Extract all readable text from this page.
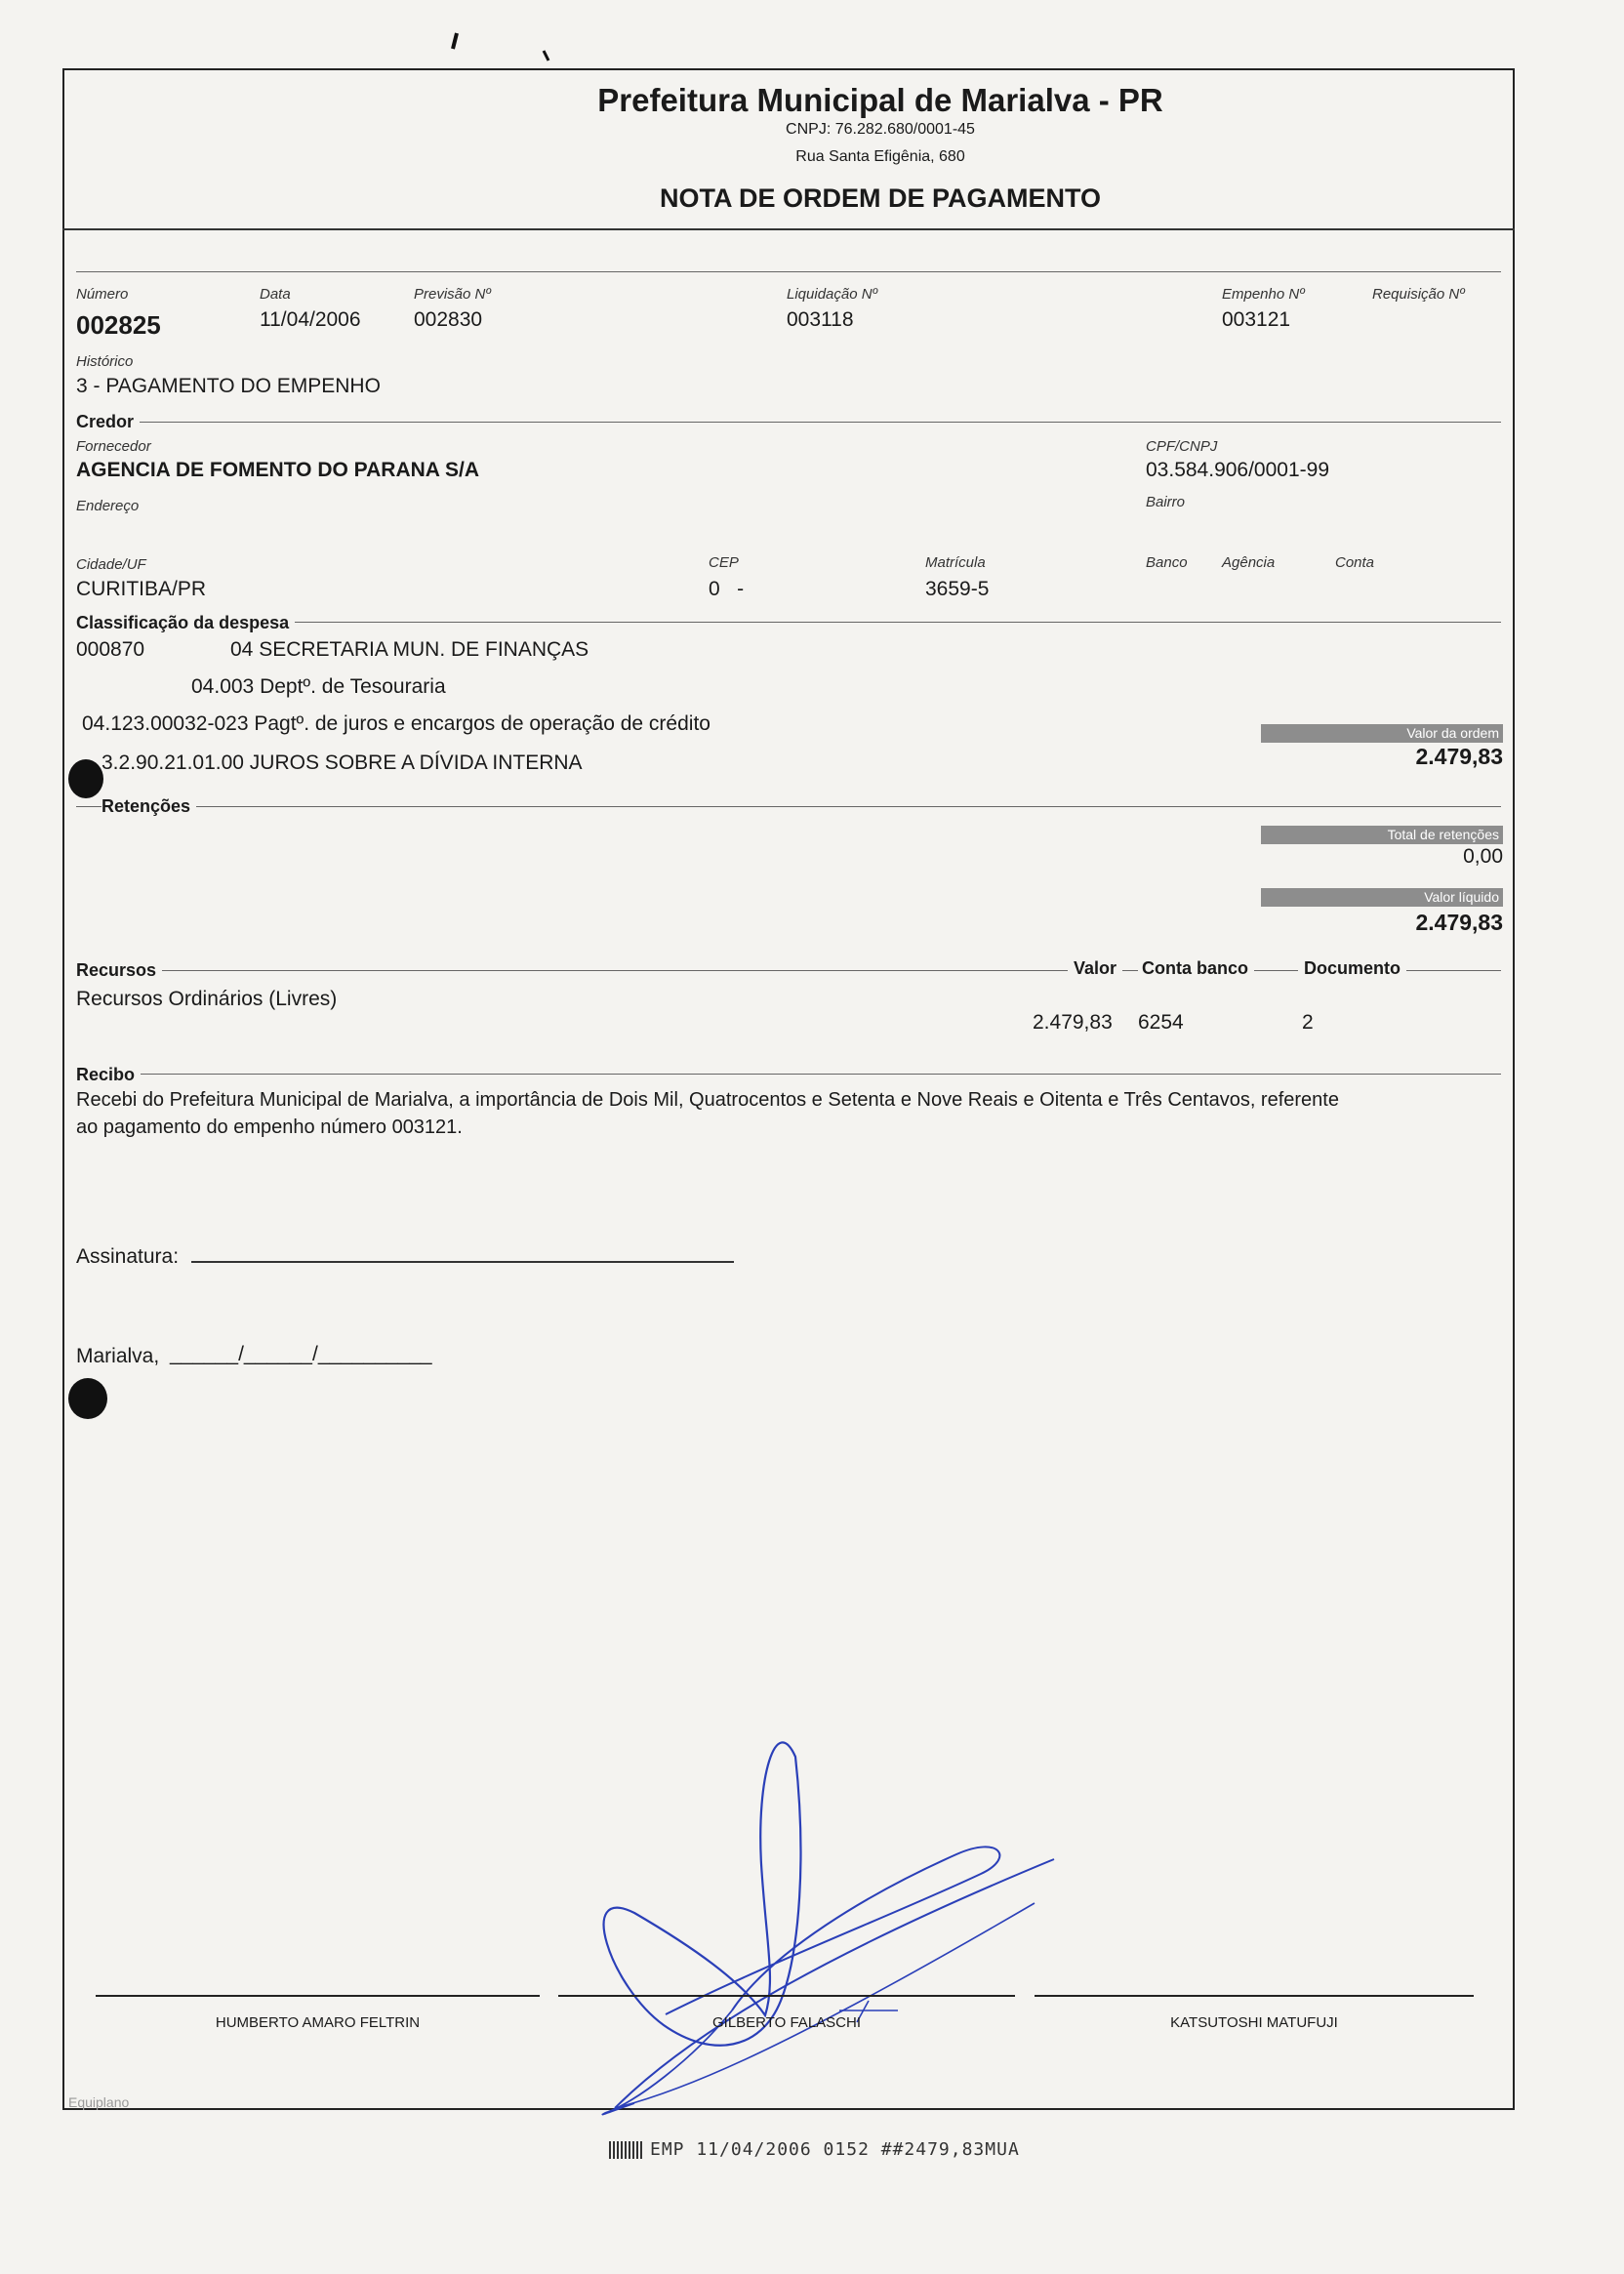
Prefeitura Municipal de Marialva - PR
CNPJ: 76.282.680/0001-45
Rua Santa Efigênia, 680
NOTA DE ORDEM DE PAGAMENTO
Número
002825
Data
11/04/2006
Previsão Nº
002830
Liquidação Nº
003118
Empenho Nº
003121
Requisição Nº
Histórico
3 - PAGAMENTO DO EMPENHO
Credor
Fornecedor
AGENCIA DE FOMENTO DO PARANA S/A
CPF/CNPJ
03.584.906/0001-99
Endereço	Bairro
Cidade/UF
CURITIBA/PR
CEP
0   -
Matrícula
3659-5
Banco Agência	Conta
Classificação da despesa
000870	04 SECRETARIA MUN. DE FINANÇAS
04.003 Deptº. de Tesouraria
04.123.00032-023 Pagtº. de juros e encargos de operação de crédito
3.2.90.21.01.00 JUROS SOBRE A DÍVIDA INTERNA
Valor da ordem
2.479,83
Retenções
Total de retenções
0,00
Valor líquido
2.479,83
Recursos	Valor	Conta banco	Documento
Recursos Ordinários (Livres)
2.479,83 6254	2
Recibo
Recebi do Prefeitura Municipal de Marialva, a importância de Dois Mil, Quatrocentos e Setenta e Nove Reais e Oitenta e Três Centavos, referente
ao pagamento do empenho número 003121.
Assinatura:
Marialva, ______/______/__________
HUMBERTO AMARO FELTRIN	GILBERTO FALASCHI	KATSUTOSHI MATUFUJI
Equiplano
EMP 11/04/2006 0152 ##2479,83MUA
